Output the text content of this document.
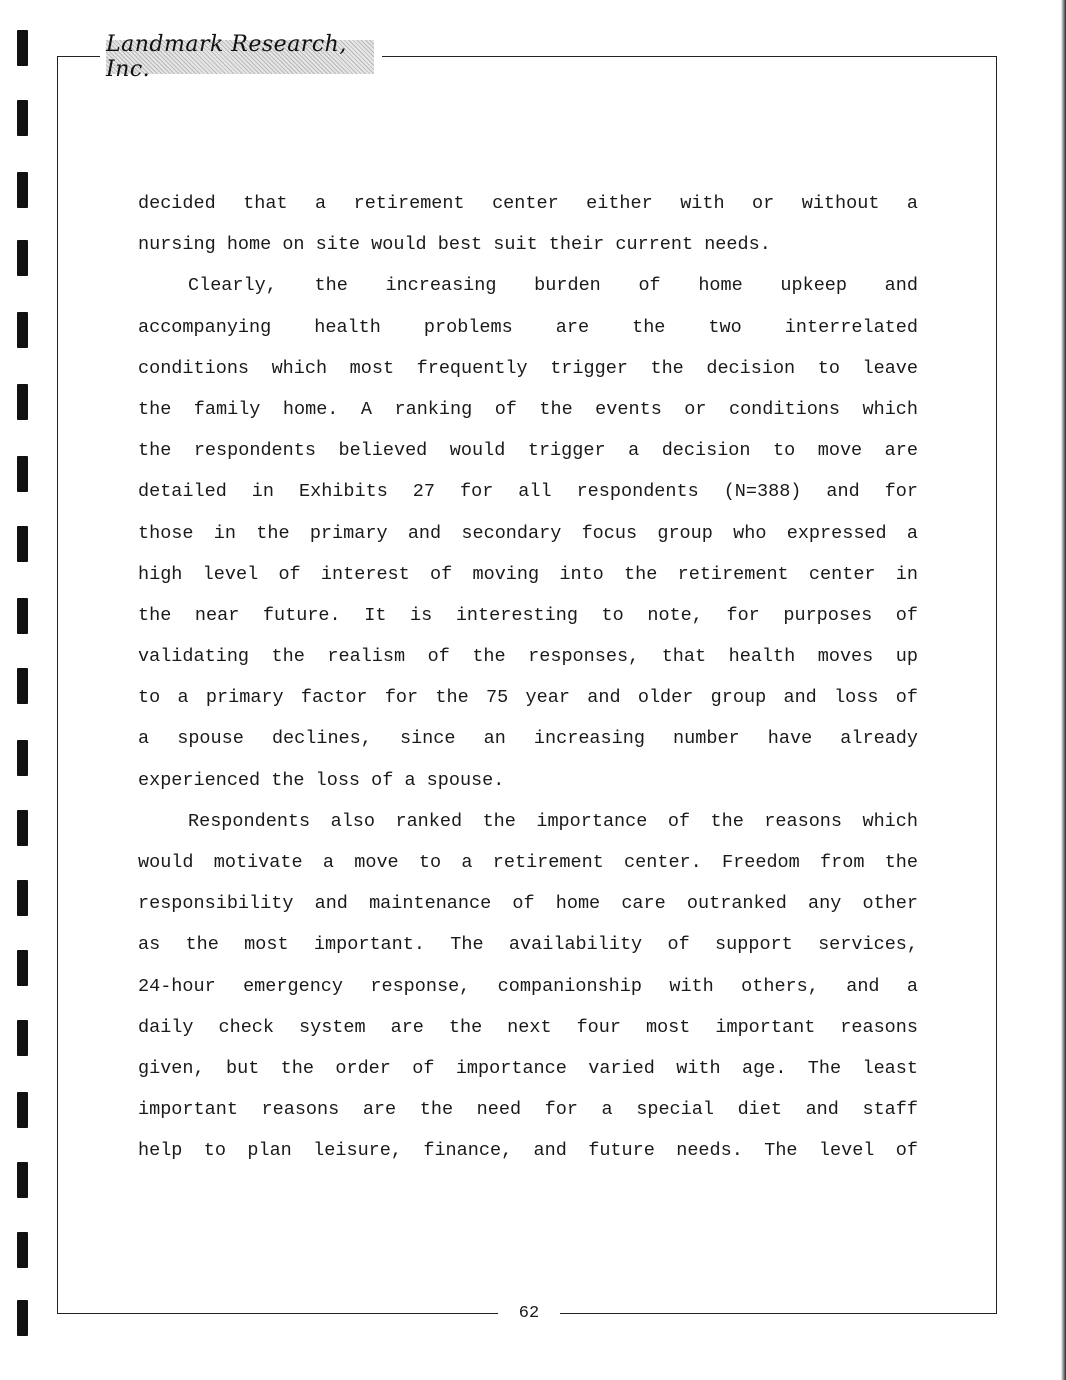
Landmark Research, Inc.
decided that a retirement center either with or without a
nursing home on site would best suit their current needs.
Clearly, the increasing burden of home upkeep and
accompanying health problems are the two interrelated
conditions which most frequently trigger the decision to leave
the family home. A ranking of the events or conditions which
the respondents believed would trigger a decision to move are
detailed in Exhibits 27 for all respondents (N=388) and for
those in the primary and secondary focus group who expressed a
high level of interest of moving into the retirement center in
the near future. It is interesting to note, for purposes of
validating the realism of the responses, that health moves up
to a primary factor for the 75 year and older group and loss of
a spouse declines, since an increasing number have already
experienced the loss of a spouse.
Respondents also ranked the importance of the reasons which
would motivate a move to a retirement center. Freedom from the
responsibility and maintenance of home care outranked any other
as the most important. The availability of support services,
24-hour emergency response, companionship with others, and a
daily check system are the next four most important reasons
given, but the order of importance varied with age. The least
important reasons are the need for a special diet and staff
help to plan leisure, finance, and future needs. The level of
62
